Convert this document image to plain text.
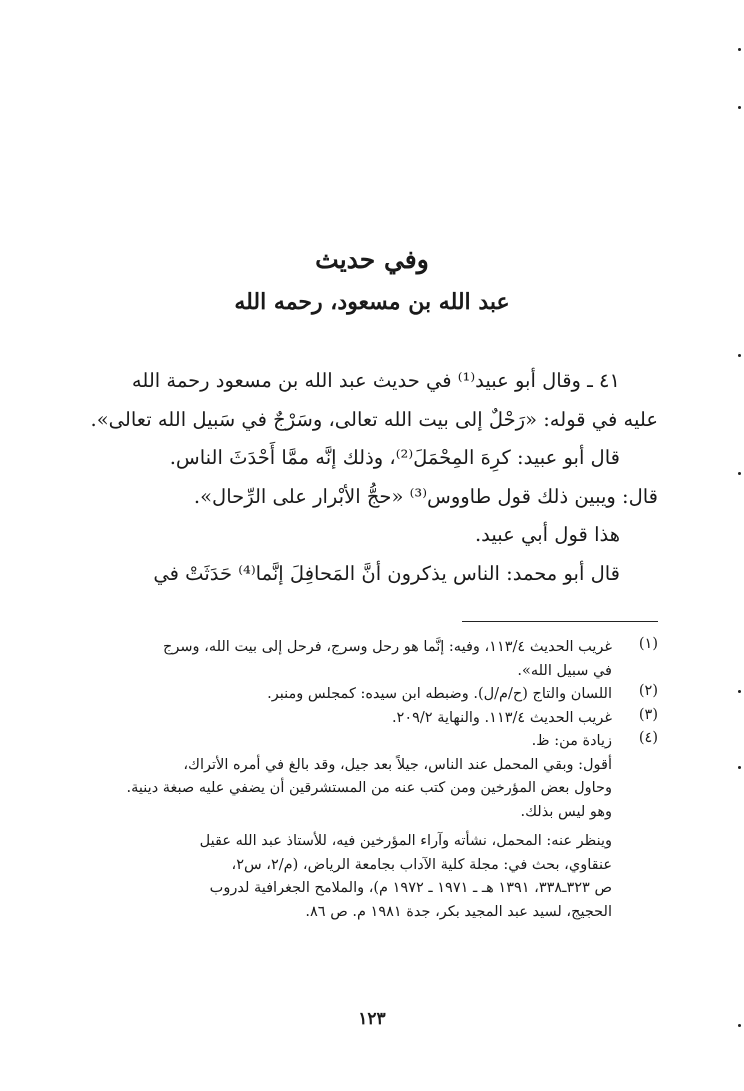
وفي حديث
عبد الله بن مسعود، رحمه الله
٤١ ـ وقال أبو عبيد⁽¹⁾ في حديث عبد الله بن مسعود رحمة الله
عليه في قوله: «رَحْلٌ إلى بيت الله تعالى، وسَرْجٌ في سَبيل الله تعالى».
قال أبو عبيد: كرِهَ المِحْمَلَ⁽²⁾، وذلك إنَّه ممَّا أَحْدَثَ الناس.
قال: ويبين ذلك قول طاووس⁽³⁾ «حجُّ الأبْرار على الرِّحال».
هذا قول أبي عبيد.
قال أبو محمد: الناس يذكرون أنَّ المَحافِلَ إنَّما⁽⁴⁾ حَدَثَتْ في
(١)
غريب الحديث ١١٣/٤، وفيه: إنَّما هو رحل وسرج، فرحل إلى بيت الله، وسرج
في سبيل الله».
(٢)
اللسان والتاج (ح/م/ل). وضبطه ابن سيده: كمجلس ومنبر.
(٣)
غريب الحديث ١١٣/٤. والنهاية ٢٠٩/٢.
(٤)
زيادة من: ظ.
أقول: وبقي المحمل عند الناس، جيلاً بعد جيل، وقد بالغ في أمره الأتراك،
وحاول بعض المؤرخين ومن كتب عنه من المستشرقين أن يضفي عليه صبغة دينية.
وهو ليس بذلك.
وينظر عنه: المحمل، نشأته وآراء المؤرخين فيه، للأستاذ عبد الله عقيل
عنقاوي، بحث في: مجلة كلية الآداب بجامعة الرياض، (م/٢، س٢،
ص ٣٢٣ـ٣٣٨، ١٣٩١ هـ ـ ١٩٧١ ـ ١٩٧٢ م)، والملامح الجغرافية لدروب
الحجيج، لسيد عبد المجيد بكر، جدة ١٩٨١ م. ص ٨٦.
١٢٣
